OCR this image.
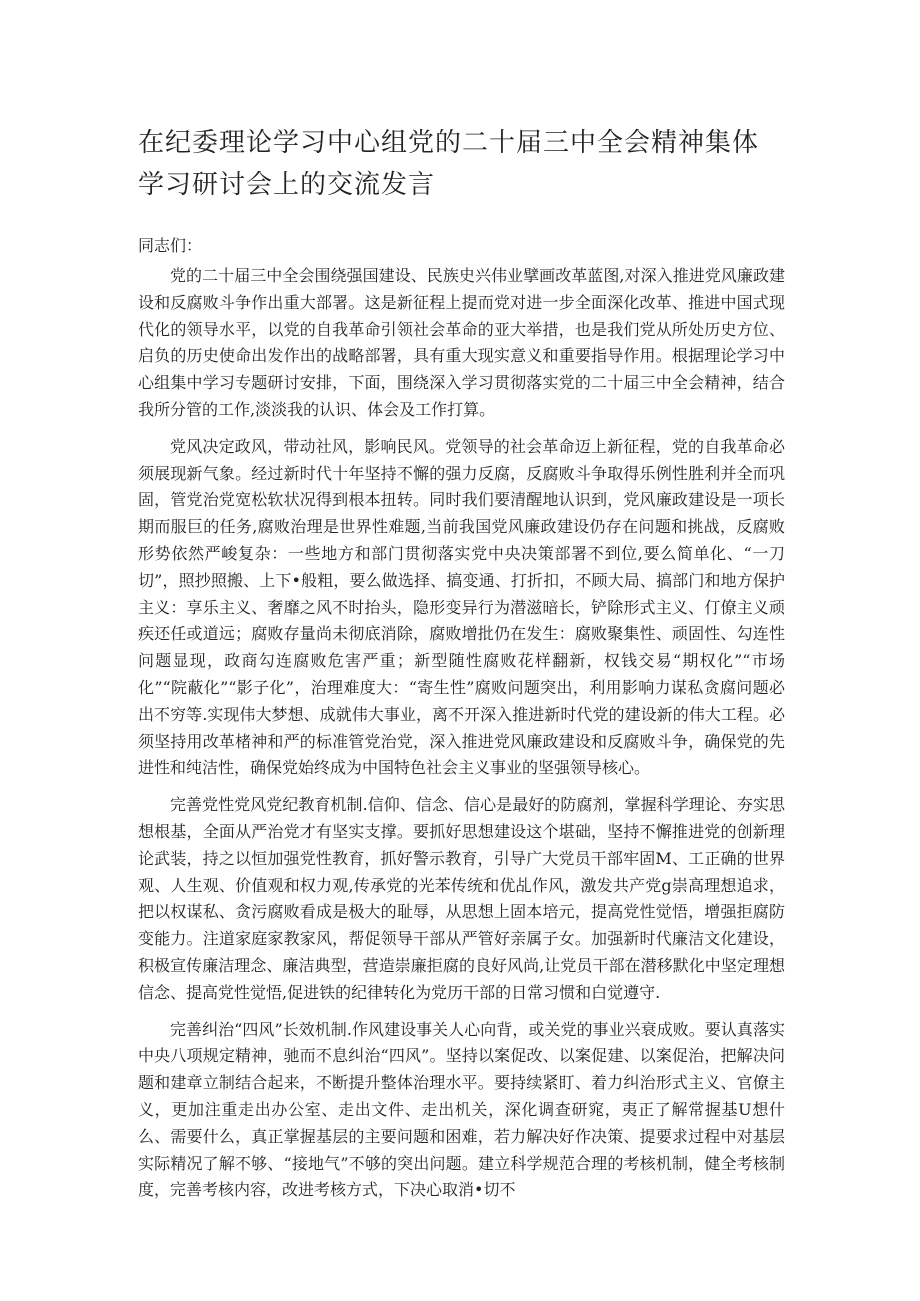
在纪委理论学习中心组党的二十届三中全会精神集体
学习研讨会上的交流发言

同志们：

党的二十届三中全会围绕强国建设、民族史兴伟业擘画改革蓝图,对深入推进党风廉政建设和反腐败斗争作出重大部署。这是新征程上提而党对进一步全面深化改革、推进中国式现代化的领导水平，以党的自我革命引领社会革命的亚大举措，也是我们党从所处历史方位、启负的历史使命出发作出的战略部署，具有重大现实意义和重要指导作用。根据理论学习中心组集中学习专题研讨安排，下面，围绕深入学习贯彻落实党的二十届三中全会精神，结合我所分管的工作,淡淡我的认识、体会及工作打算。

党风决定政风，带动社风，影响民风。党领导的社会革命迈上新征程，党的自我革命必须展现新气象。经过新时代十年坚持不懈的强力反腐，反腐败斗争取得乐例性胜利并全而巩固，管党治党宽松软状况得到根本扭转。同时我们要清醒地认识到，党风廉政建设是一项长期而服巨的任务,腐败治理是世界性难题,当前我国党风廉政建设仍存在问题和挑战，反腐败形势依然严峻复杂：一些地方和部门贯彻落实党中央决策部署不到位,要么简单化、“一刀切”，照抄照搬、上下•般粗，要么做选择、搞变通、打折扣，不顾大局、搞部门和地方保护主义：享乐主义、奢靡之风不时抬头，隐形变异行为潜滋暗长，铲除形式主义、仃僚主义顽疾还任或道远；腐败存量尚未彻底消除，腐败增批仍在发生：腐败聚集性、顽固性、勾连性问题显现，政商勾连腐败危害严重；新型随性腐败花样翻新，权钱交易“期权化”“市场化”“院蔽化”“影子化”，治理难度大：“寄生性”腐败问题突出，利用影响力谋私贪腐问题必出不穷等.实现伟大梦想、成就伟大事业，离不开深入推进新时代党的建设新的伟大工程。必须坚持用改革楮神和严的标准管党治党，深入推进党风廉政建设和反腐败斗争，确保党的先进性和纯洁性，确保党始终成为中国特色社会主义事业的坚强领导核心。

完善党性党风党纪教育机制.信仰、信念、信心是最好的防腐剂，掌握科学理论、夯实思想根基，全面从严治党才有坚实支撑。要抓好思想建设这个堪础，坚持不懈推进党的创新理论武装，持之以恒加强党性教育，抓好警示教育，引导广大党员干部牢固M、工正确的世界观、人生观、价值观和权力观,传承党的光苯传统和优乩作风，激发共产党g崇高理想追求，把以权谋私、贪污腐败看成是极大的耻辱，从思想上固本培元，提高党性觉悟，增强拒腐防变能力。注道家庭家教家风，帮促领导干部从严管好亲属子女。加强新时代廉洁文化建设，积极宣传廉洁理念、廉洁典型，营造崇廉拒腐的良好风尚,让党员干部在潜移默化中坚定理想信念、提高党性觉悟,促进铁的纪律转化为党历干部的日常习惯和白觉遵守.

完善纠治“四风”长效机制.作风建设事关人心向背，或关党的事业兴衰成败。要认真落实中央八项规定精神，驰而不息纠治“四风”。坚持以案促改、以案促建、以案促治，把解决问题和建章立制结合起来，不断提升整体治理水平。要持续紧盯、着力纠治形式主义、官僚主义，更加注重走出办公室、走出文件、走出机关，深化调查研窕，夷正了解常握基U想什么、需要什么，真正掌握基层的主要问题和困难，若力解决好作决策、提要求过程中对基层实际精况了解不够、“接地气”不够的突出问题。建立科学规范合理的考核机制，健全考核制度，完善考核内容，改进考核方式，下决心取消•切不
